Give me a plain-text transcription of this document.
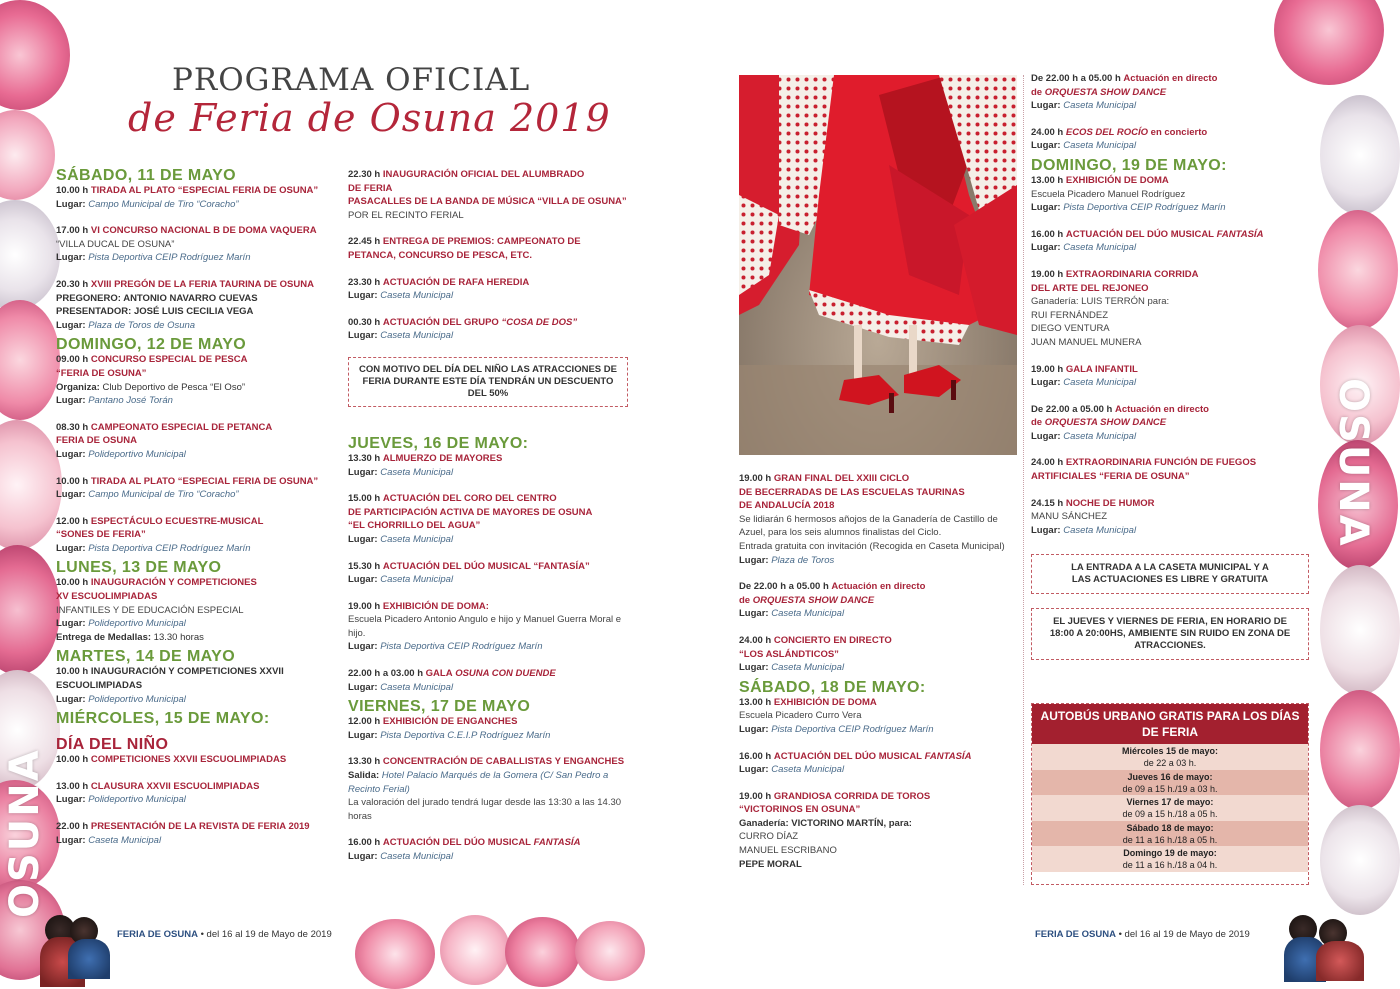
OSUNA
PROGRAMA OFICIAL
de Feria de Osuna 2019
SÁBADO, 11 DE MAYO
10.00 h TIRADA AL PLATO “ESPECIAL FERIA DE OSUNA”
Lugar: Campo Municipal de Tiro “Coracho”
17.00 h VI CONCURSO NACIONAL B DE DOMA VAQUERA
“VILLA DUCAL DE OSUNA”
Lugar: Pista Deportiva CEIP Rodríguez Marín
20.30 h XVIII PREGÓN DE LA FERIA TAURINA DE OSUNA
PREGONERO: ANTONIO NAVARRO CUEVAS
PRESENTADOR: JOSÉ LUIS CECILIA VEGA
Lugar: Plaza de Toros de Osuna
DOMINGO, 12 DE MAYO
09.00 h CONCURSO ESPECIAL DE PESCA
“FERIA DE OSUNA”
Organiza: Club Deportivo de Pesca “El Oso”
Lugar: Pantano José Torán
08.30 h CAMPEONATO ESPECIAL DE PETANCA
FERIA DE OSUNA
Lugar: Polideportivo Municipal
10.00 h TIRADA AL PLATO “ESPECIAL FERIA DE OSUNA”
Lugar: Campo Municipal de Tiro “Coracho”
12.00 h ESPECTÁCULO ECUESTRE-MUSICAL
“SONES DE FERIA”
Lugar: Pista Deportiva CEIP Rodríguez Marín
LUNES, 13 DE MAYO
10.00 h INAUGURACIÓN Y COMPETICIONES
XV ESCUOLIMPIADAS
INFANTILES Y DE EDUCACIÓN ESPECIAL
Lugar: Polideportivo Municipal
Entrega de Medallas: 13.30 horas
MARTES, 14 DE MAYO
10.00 h INAUGURACIÓN Y COMPETICIONES XXVII
ESCUOLIMPIADAS
Lugar: Polideportivo Municipal
MIÉRCOLES, 15 DE MAYO:
DÍA DEL NIÑO
10.00 h COMPETICIONES XXVII ESCUOLIMPIADAS
13.00 h CLAUSURA XXVII ESCUOLIMPIADAS
Lugar: Polideportivo Municipal
22.00 h PRESENTACIÓN DE LA REVISTA DE FERIA 2019
Lugar: Caseta Municipal
22.30 h INAUGURACIÓN OFICIAL DEL ALUMBRADO
DE FERIA
PASACALLES DE LA BANDA DE MÚSICA “VILLA DE OSUNA”
POR EL RECINTO FERIAL
22.45 h ENTREGA DE PREMIOS: CAMPEONATO DE
PETANCA, CONCURSO DE PESCA, ETC.
23.30 h ACTUACIÓN DE RAFA HEREDIA
Lugar: Caseta Municipal
00.30 h ACTUACIÓN DEL GRUPO “COSA DE DOS”
Lugar: Caseta Municipal
CON MOTIVO DEL DÍA DEL NIÑO LAS ATRACCIONES DE FERIA DURANTE ESTE DÍA TENDRÁN UN DESCUENTO DEL 50%
JUEVES, 16 DE MAYO:
13.30 h ALMUERZO DE MAYORES
Lugar: Caseta Municipal
15.00 h ACTUACIÓN DEL CORO DEL CENTRO
DE PARTICIPACIÓN ACTIVA DE MAYORES DE OSUNA
“EL CHORRILLO DEL AGUA”
Lugar: Caseta Municipal
15.30 h ACTUACIÓN DEL DÚO MUSICAL “FANTASÍA”
Lugar: Caseta Municipal
19.00 h EXHIBICIÓN DE DOMA:
Escuela Picadero Antonio Angulo e hijo y Manuel Guerra Moral e hijo.
Lugar: Pista Deportiva CEIP Rodríguez Marín
22.00 h a 03.00 h GALA OSUNA CON DUENDE
Lugar: Caseta Municipal
VIERNES, 17 DE MAYO
12.00 h EXHIBICIÓN DE ENGANCHES
Lugar: Pista Deportiva C.E.I.P Rodríguez Marín
13.30 h CONCENTRACIÓN DE CABALLISTAS Y ENGANCHES
Salida: Hotel Palacio Marqués de la Gomera (C/ San Pedro a Recinto Ferial)
La valoración del jurado tendrá lugar desde las 13:30 a las 14.30 horas
16.00 h ACTUACIÓN DEL DÚO MUSICAL FANTASÍA
Lugar: Caseta Municipal
FERIA DE OSUNA • del 16 al 19 de Mayo de 2019
OSUNA
19.00 h GRAN FINAL DEL XXIII CICLO
DE BECERRADAS DE LAS ESCUELAS TAURINAS
DE ANDALUCÍA 2018
Se lidiarán 6 hermosos añojos de la Ganadería de Castillo de Azuel, para los seis alumnos finalistas del Ciclo.
Entrada gratuita con invitación (Recogida en Caseta Municipal)
Lugar: Plaza de Toros
De 22.00 h a 05.00 h Actuación en directo
de ORQUESTA SHOW DANCE
Lugar: Caseta Municipal
24.00 h CONCIERTO EN DIRECTO
“LOS ASLÁNDTICOS”
Lugar: Caseta Municipal
SÁBADO, 18 DE MAYO:
13.00 h EXHIBICIÓN DE DOMA
Escuela Picadero Curro Vera
Lugar: Pista Deportiva CEIP Rodríguez Marín
16.00 h ACTUACIÓN DEL DÚO MUSICAL FANTASÍA
Lugar: Caseta Municipal
19.00 h GRANDIOSA CORRIDA DE TOROS
“VICTORINOS EN OSUNA”
Ganadería: VICTORINO MARTÍN, para:
CURRO DÍAZ
MANUEL ESCRIBANO
PEPE MORAL
De 22.00 h a 05.00 h Actuación en directo
de ORQUESTA SHOW DANCE
Lugar: Caseta Municipal
24.00 h ECOS DEL ROCÍO en concierto
Lugar: Caseta Municipal
DOMINGO, 19 DE MAYO:
13.00 h EXHIBICIÓN DE DOMA
Escuela Picadero Manuel Rodríguez
Lugar: Pista Deportiva CEIP Rodríguez Marín
16.00 h ACTUACIÓN DEL DÚO MUSICAL FANTASÍA
Lugar: Caseta Municipal
19.00 h EXTRAORDINARIA CORRIDA
DEL ARTE DEL REJONEO
Ganadería: LUIS TERRÓN para:
RUI FERNÁNDEZ
DIEGO VENTURA
JUAN MANUEL MUNERA
19.00 h GALA INFANTIL
Lugar: Caseta Municipal
De 22.00 a 05.00 h Actuación en directo
de ORQUESTA SHOW DANCE
Lugar: Caseta Municipal
24.00 h EXTRAORDINARIA FUNCIÓN DE FUEGOS
ARTIFICIALES “FERIA DE OSUNA”
24.15 h NOCHE DE HUMOR
MANU SÁNCHEZ
Lugar: Caseta Municipal
LA ENTRADA A LA CASETA MUNICIPAL Y A LAS ACTUACIONES ES LIBRE Y GRATUITA
EL JUEVES Y VIERNES DE FERIA, EN HORARIO DE 18:00 A 20:00HS, AMBIENTE SIN RUIDO EN ZONA DE ATRACCIONES.
AUTOBÚS URBANO GRATIS PARA LOS DÍAS DE FERIA
Miércoles 15 de mayo:
de 22 a 03 h.
Jueves 16 de mayo:
de 09 a 15 h./19 a 03 h.
Viernes 17 de mayo:
de 09 a 15 h./18 a 05 h.
Sábado 18 de mayo:
de 11 a 16 h./18 a 05 h.
Domingo 19 de mayo:
de 11 a 16 h./18 a 04 h.
FERIA DE OSUNA • del 16 al 19 de Mayo de 2019
